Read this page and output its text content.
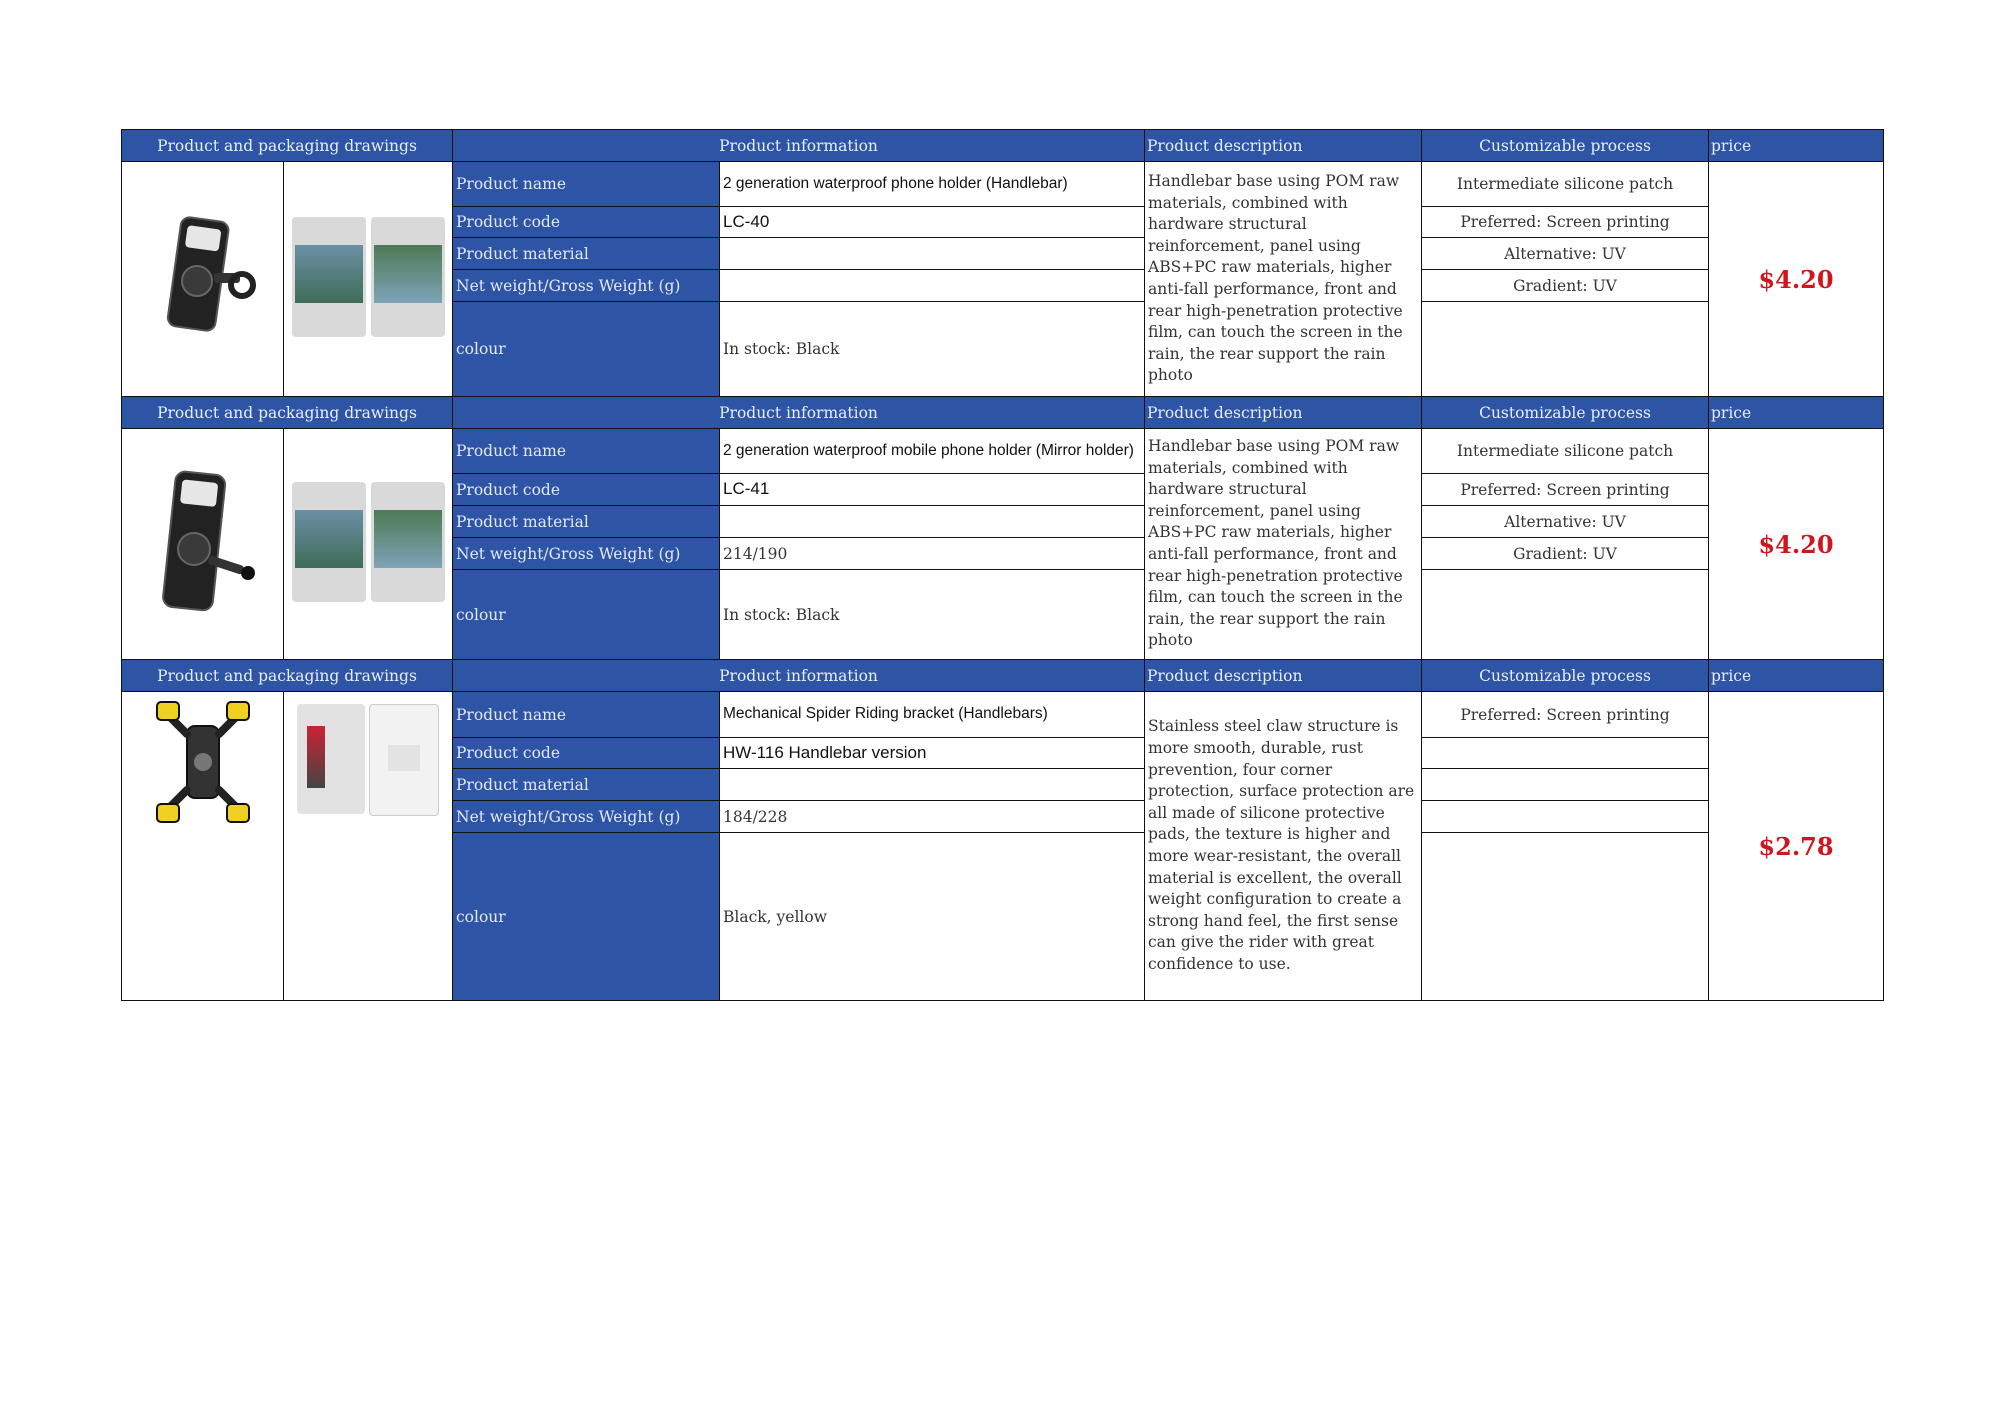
Product and packaging drawings		Product information		Product description	Customizable process	price

	Product name	2 generation waterproof phone holder (Handlebar)	Handlebar base using POM raw materials, combined with hardware structural reinforcement, panel using ABS+PC raw materials, higher anti-fall performance, front and rear high-penetration protective film, can touch the screen in the rain, the rear support the rain photo	Intermediate silicone patch	$4.20
		Product code	LC-40		Preferred: Screen printing	
		Product material			Alternative: UV	
		Net weight/Gross Weight (g)			Gradient: UV	
		colour	In stock: Black			
Product and packaging drawings		Product information		Product description	Customizable process	price

	Product name	2 generation waterproof mobile phone holder (Mirror holder)	Handlebar base using POM raw materials, combined with hardware structural reinforcement, panel using ABS+PC raw materials, higher anti-fall performance, front and rear high-penetration protective film, can touch the screen in the rain, the rear support the rain photo	Intermediate silicone patch	$4.20
		Product code	LC-41		Preferred: Screen printing	
		Product material			Alternative: UV	
		Net weight/Gross Weight (g)	214/190		Gradient: UV	
		colour	In stock: Black			
Product and packaging drawings		Product information		Product description	Customizable process	price

	Product name	Mechanical Spider Riding bracket (Handlebars)	Stainless steel claw structure is more smooth, durable, rust prevention, four corner protection, surface protection are all made of silicone protective pads, the texture is higher and more wear-resistant, the overall material is excellent, the overall weight configuration to create a strong hand feel, the first sense can give the rider with great confidence to use.	Preferred: Screen printing	$2.78
		Product code	HW-116 Handlebar version			
		Product material				
		Net weight/Gross Weight (g)	184/228			
		colour	Black, yellow			
